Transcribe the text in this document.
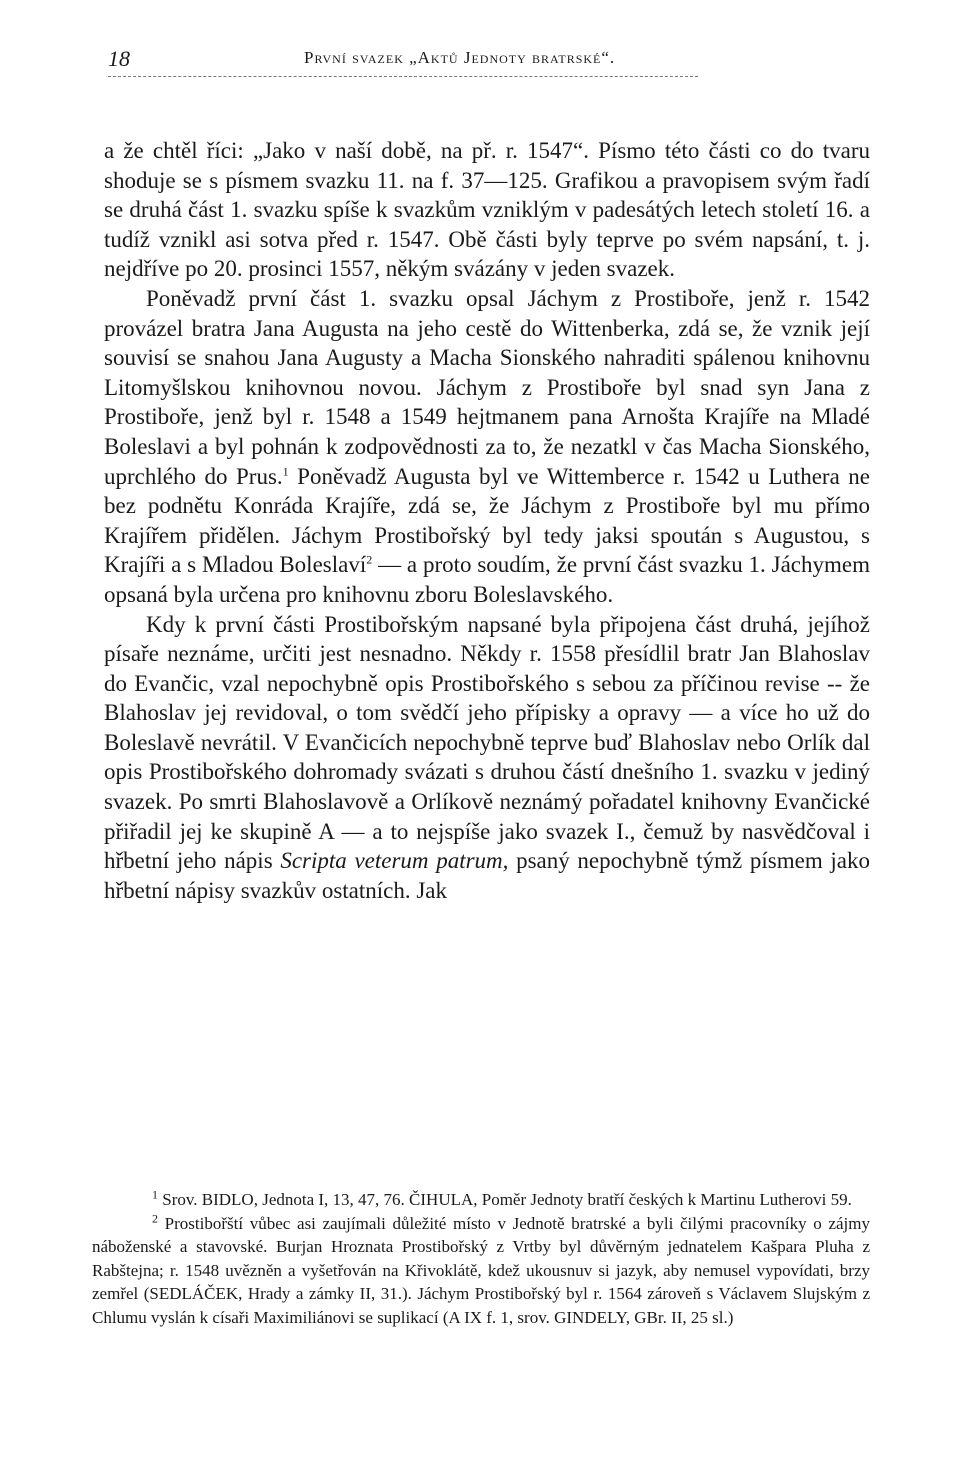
18	První svazek „Aktů Jednoty bratrské“.

a že chtěl říci: „Jako v naší době, na př. r. 1547“. Písmo této části co do tvaru shoduje se s písmem svazku 11. na f. 37—125. Grafikou a pravopisem svým řadí se druhá část 1. svazku spíše k svazkům vzniklým v padesátých letech století 16. a tudíž vznikl asi sotva před r. 1547. Obě části byly teprve po svém napsání, t. j. nejdříve po 20. prosinci 1557, někým svázány v jeden svazek.

Poněvadž první část 1. svazku opsal Jáchym z Prostiboře, jenž r. 1542 provázel bratra Jana Augusta na jeho cestě do Wittenberka, zdá se, že vznik její souvisí se snahou Jana Augusty a Macha Sionského nahraditi spálenou knihovnu Litomyšlskou knihovnou novou. Jáchym z Prostiboře byl snad syn Jana z Prostiboře, jenž byl r. 1548 a 1549 hejtmanem pana Arnošta Krajíře na Mladé Boleslavi a byl pohnán k zodpovědnosti za to, že nezatkl v čas Macha Sionského, uprchlého do Prus.$^1$ Poněvadž Augusta byl ve Wittemberce r. 1542 u Luthera ne bez podnětu Konráda Krajíře, zdá se, že Jáchym z Prostiboře byl mu přímo Krajířem přidělen. Jáchym Prostibořský byl tedy jaksi spoután s Augustou, s Krajíři a s Mladou Boleslaví$^2$ — a proto soudím, že první část svazku 1. Jáchymem opsaná byla určena pro knihovnu zboru Boleslavského.

Kdy k první části Prostibořským napsané byla připojena část druhá, jejíhož písaře neznáme, určiti jest nesnadno. Někdy r. 1558 přesídlil bratr Jan Blahoslav do Evančic, vzal nepochybně opis Prostibořského s sebou za příčinou revise -- že Blahoslav jej revidoval, o tom svědčí jeho přípisky a opravy — a více ho už do Boleslavě nevrátil. V Evančicích nepochybně teprve buď Blahoslav nebo Orlík dal opis Prostibořského dohromady svázati s druhou částí dnešního 1. svazku v jediný svazek. Po smrti Blahoslavově a Orlíkově neznámý pořadatel knihovny Evančické přiřadil jej ke skupině A — a to nejspíše jako svazek I., čemuž by nasvědčoval i hřbetní jeho nápis Scripta veterum patrum, psaný nepochybně týmž písmem jako hřbetní nápisy svazkův ostatních. Jak

$^1$ Srov. BIDLO, Jednota I, 13, 47, 76. ČIHULA, Poměr Jednoty bratří českých k Martinu Lutherovi 59.

$^2$ Prostibořští vůbec asi zaujímali důležité místo v Jednotě bratrské a byli čilými pracovníky o zájmy náboženské a stavovské. Burjan Hroznata Prostibořský z Vrtby byl důvěrným jednatelem Kašpara Pluha z Rabštejna; r. 1548 uvězněn a vyšetřován na Křivoklátě, kdež ukousnuv si jazyk, aby nemusel vypovídati, brzy zemřel (SEDLÁČEK, Hrady a zámky II, 31.). Jáchym Prostibořský byl r. 1564 zároveň s Václavem Slujským z Chlumu vyslán k císaři Maximiliánovi se suplikací (A IX f. 1, srov. GINDELY, GBr. II, 25 sl.)
